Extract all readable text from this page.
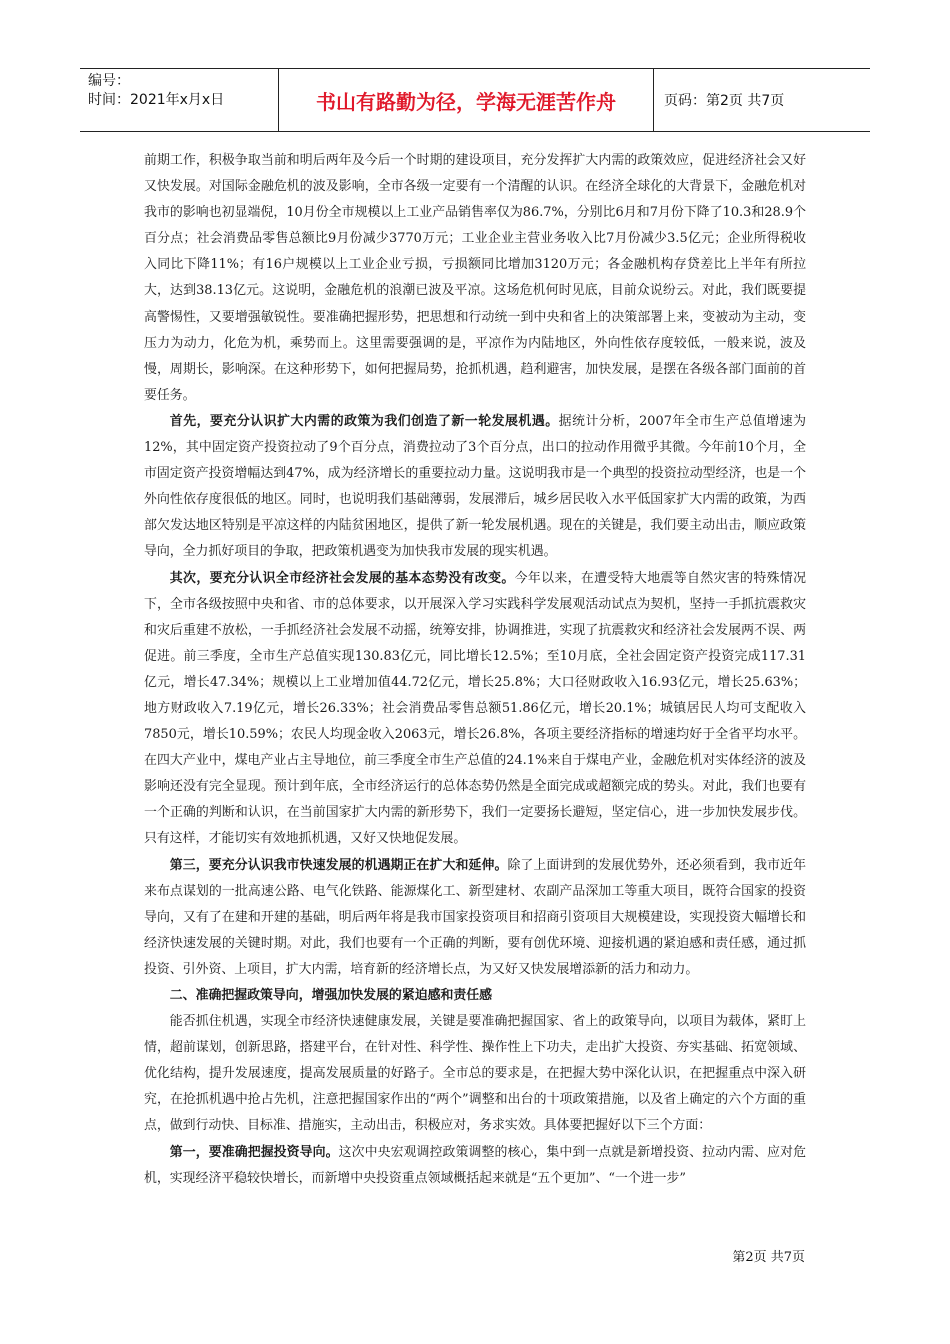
编号：
时间：2021年x月x日	书山有路勤为径，学海无涯苦作舟	页码：第2页 共7页

前期工作，积极争取当前和明后两年及今后一个时期的建设项目，充分发挥扩大内需的政策效应，促进经济社会又好又快发展。对国际金融危机的波及影响，全市各级一定要有一个清醒的认识。在经济全球化的大背景下，金融危机对我市的影响也初显端倪，10月份全市规模以上工业产品销售率仅为86.7%，分别比6月和7月份下降了10.3和28.9个百分点；社会消费品零售总额比9月份减少3770万元；工业企业主营业务收入比7月份减少3.5亿元；企业所得税收入同比下降11%；有16户规模以上工业企业亏损，亏损额同比增加3120万元；各金融机构存贷差比上半年有所拉大，达到38.13亿元。这说明，金融危机的浪潮已波及平凉。这场危机何时见底，目前众说纷云。对此，我们既要提高警惕性，又要增强敏锐性。要准确把握形势，把思想和行动统一到中央和省上的决策部署上来，变被动为主动，变压力为动力，化危为机，乘势而上。这里需要强调的是，平凉作为内陆地区，外向性依存度较低，一般来说，波及慢，周期长，影响深。在这种形势下，如何把握局势，抢抓机遇，趋利避害，加快发展，是摆在各级各部门面前的首要任务。

首先，要充分认识扩大内需的政策为我们创造了新一轮发展机遇。据统计分析，2007年全市生产总值增速为12%，其中固定资产投资拉动了9个百分点，消费拉动了3个百分点，出口的拉动作用微乎其微。今年前10个月，全市固定资产投资增幅达到47%，成为经济增长的重要拉动力量。这说明我市是一个典型的投资拉动型经济，也是一个外向性依存度很低的地区。同时，也说明我们基础薄弱，发展滞后，城乡居民收入水平低国家扩大内需的政策，为西部欠发达地区特别是平凉这样的内陆贫困地区，提供了新一轮发展机遇。现在的关键是，我们要主动出击，顺应政策导向，全力抓好项目的争取，把政策机遇变为加快我市发展的现实机遇。

其次，要充分认识全市经济社会发展的基本态势没有改变。今年以来，在遭受特大地震等自然灾害的特殊情况下，全市各级按照中央和省、市的总体要求，以开展深入学习实践科学发展观活动试点为契机，坚持一手抓抗震救灾和灾后重建不放松，一手抓经济社会发展不动摇，统筹安排，协调推进，实现了抗震救灾和经济社会发展两不误、两促进。前三季度，全市生产总值实现130.83亿元，同比增长12.5%；至10月底，全社会固定资产投资完成117.31亿元，增长47.34%；规模以上工业增加值44.72亿元，增长25.8%；大口径财政收入16.93亿元，增长25.63%；地方财政收入7.19亿元，增长26.33%；社会消费品零售总额51.86亿元，增长20.1%；城镇居民人均可支配收入7850元，增长10.59%；农民人均现金收入2063元，增长26.8%，各项主要经济指标的增速均好于全省平均水平。在四大产业中，煤电产业占主导地位，前三季度全市生产总值的24.1%来自于煤电产业，金融危机对实体经济的波及影响还没有完全显现。预计到年底，全市经济运行的总体态势仍然是全面完成或超额完成的势头。对此，我们也要有一个正确的判断和认识，在当前国家扩大内需的新形势下，我们一定要扬长避短，坚定信心，进一步加快发展步伐。只有这样，才能切实有效地抓机遇，又好又快地促发展。

第三，要充分认识我市快速发展的机遇期正在扩大和延伸。除了上面讲到的发展优势外，还必须看到，我市近年来布点谋划的一批高速公路、电气化铁路、能源煤化工、新型建材、农副产品深加工等重大项目，既符合国家的投资导向，又有了在建和开建的基础，明后两年将是我市国家投资项目和招商引资项目大规模建设，实现投资大幅增长和经济快速发展的关键时期。对此，我们也要有一个正确的判断，要有创优环境、迎接机遇的紧迫感和责任感，通过抓投资、引外资、上项目，扩大内需，培育新的经济增长点，为又好又快发展增添新的活力和动力。

二、准确把握政策导向，增强加快发展的紧迫感和责任感

能否抓住机遇，实现全市经济快速健康发展，关键是要准确把握国家、省上的政策导向，以项目为载体，紧盯上情，超前谋划，创新思路，搭建平台，在针对性、科学性、操作性上下功夫，走出扩大投资、夯实基础、拓宽领域、优化结构，提升发展速度，提高发展质量的好路子。全市总的要求是，在把握大势中深化认识，在把握重点中深入研究，在抢抓机遇中抢占先机，注意把握国家作出的“两个”调整和出台的十项政策措施，以及省上确定的六个方面的重点，做到行动快、目标准、措施实，主动出击，积极应对，务求实效。具体要把握好以下三个方面：

第一，要准确把握投资导向。这次中央宏观调控政策调整的核心，集中到一点就是新增投资、拉动内需、应对危机，实现经济平稳较快增长，而新增中央投资重点领域概括起来就是“五个更加”、“一个进一步”

第2页 共7页
